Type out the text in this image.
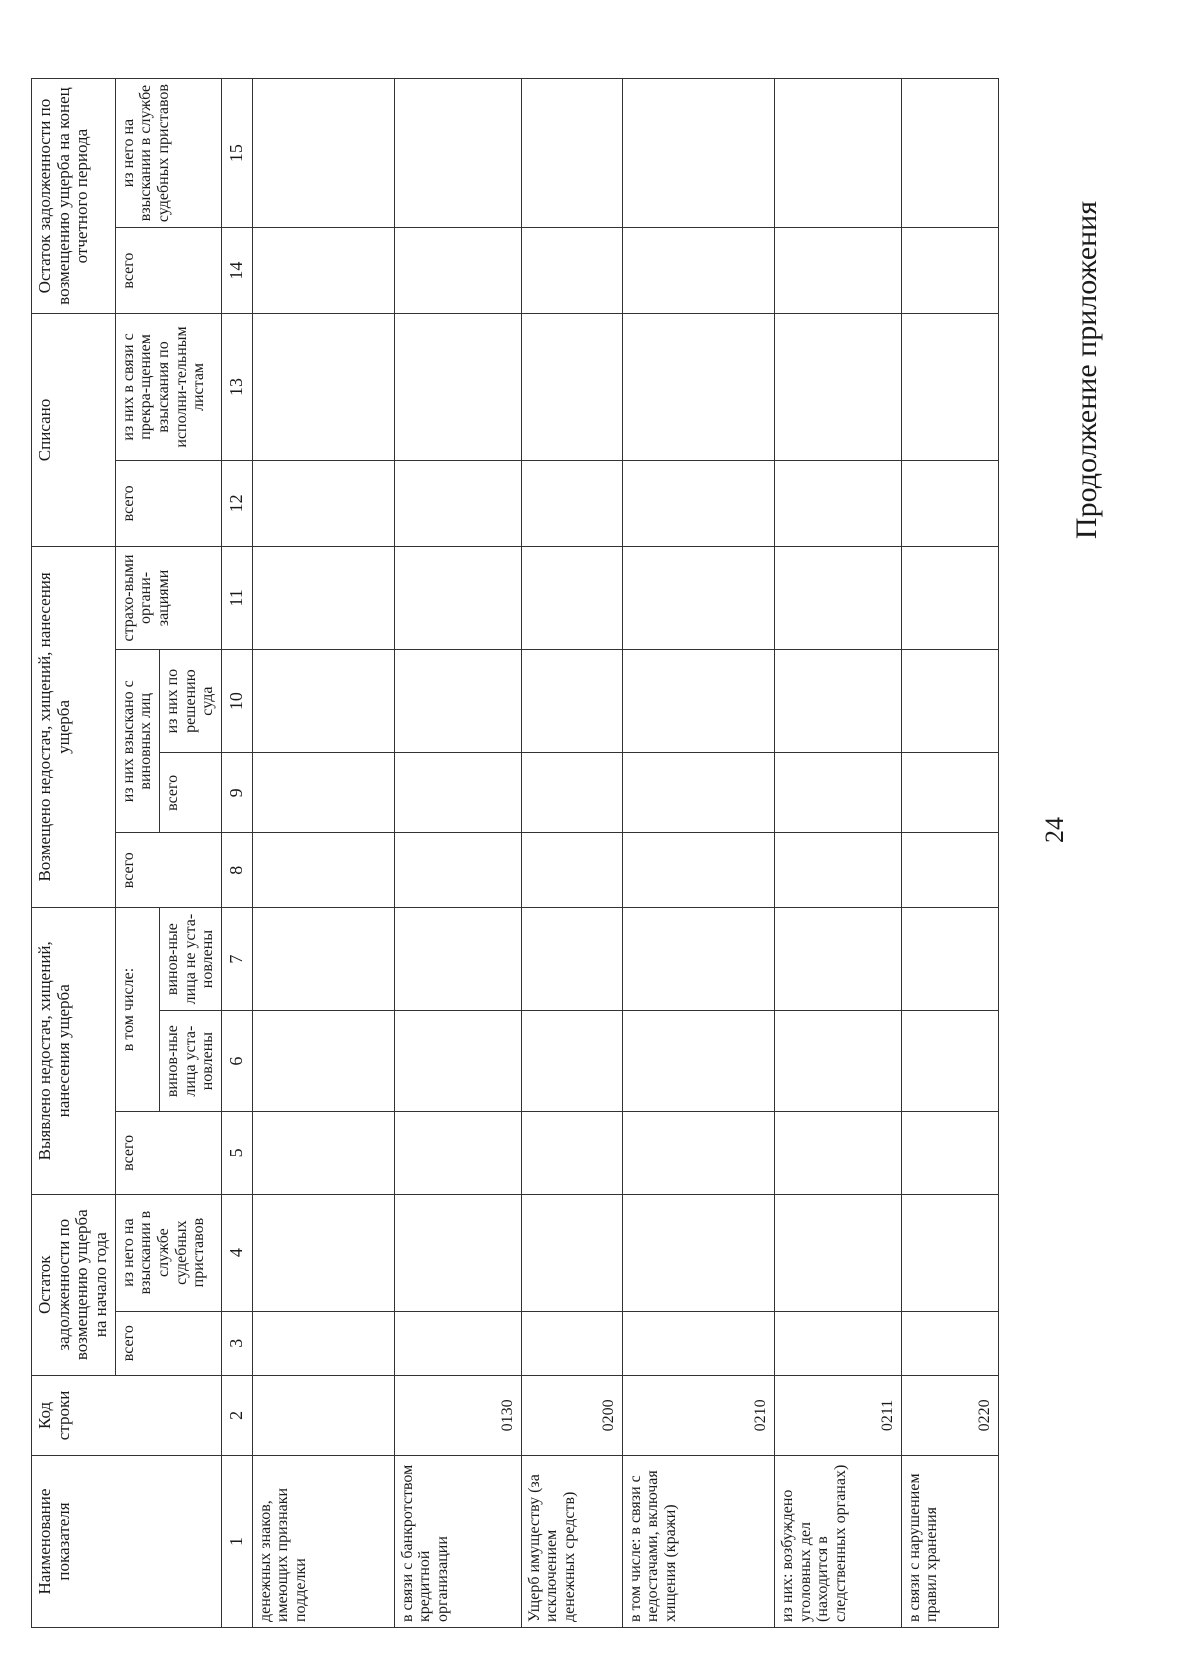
Продолжение приложения
24
Наименование показателя	Код строки	Остаток задолженности по возмещению ущерба на начало года		Выявлено недостач, хищений, нанесения ущерба			Возмещено недостач, хищений, нанесения ущерба				Списано		Остаток задолженности по возмещению ущерба на конец отчетного периода	
		всего	из него на взыскании в службе судебных приставов	всего	в том числе:		всего	из них взыскано с виновных лиц		страхо-выми органи-зациями	всего	из них в связи с прекра-щением взыскания по исполни-тельным листам	всего	из него на взыскании в службе судебных приставов
					винов-ные лица уста-новлены	винов-ные лица не уста-новлены		всего	из них по решению суда					
1	2	3	4	5	6	7	8	9	10	11	12	13	14	15
денежных знаков, имеющих признаки подделки														
в связи с банкротством кредитной организации	0130													
Ущерб имуществу (за исключением денежных средств)	0200													
в том числе: в связи с недостачами, включая хищения (кражи)	0210													
из них: возбуждено уголовных дел (находится в следственных органах)	0211													
в связи с нарушением правил хранения	0220													
